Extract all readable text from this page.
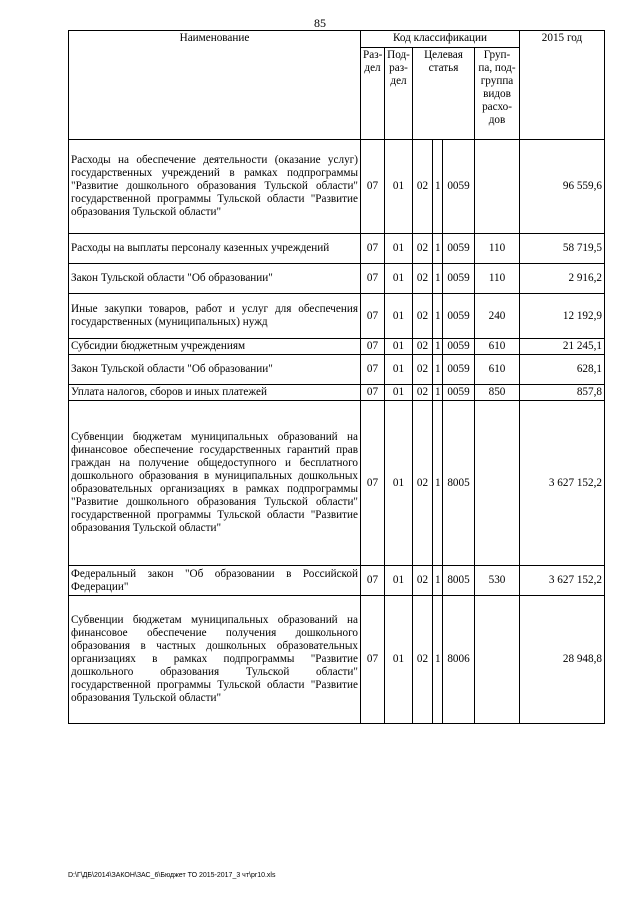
85
Наименование	Код классификации						2015 год
	Раз-дел	Под-раз-дел	Целевая статья			Груп-па, под-группа видов расхо-дов	
Расходы на обеспечение деятельности (оказание услуг) государственных учреждений в рамках подпрограммы "Развитие дошкольного образования Тульской области" государственной программы Тульской области "Развитие образования Тульской области"	07	01	02	1	0059		96 559,6
Расходы на выплаты персоналу казенных учреждений	07	01	02	1	0059	110	58 719,5
Закон Тульской области "Об образовании"	07	01	02	1	0059	110	2 916,2
Иные закупки товаров, работ и услуг для обеспечения государственных (муниципальных) нужд	07	01	02	1	0059	240	12 192,9
Субсидии бюджетным учреждениям	07	01	02	1	0059	610	21 245,1
Закон Тульской области "Об образовании"	07	01	02	1	0059	610	628,1
Уплата налогов, сборов и иных платежей	07	01	02	1	0059	850	857,8
Субвенции бюджетам муниципальных образований на финансовое обеспечение государственных гарантий прав граждан на получение общедоступного и бесплатного дошкольного образования в муниципальных дошкольных образовательных организациях в рамках подпрограммы "Развитие дошкольного образования Тульской области" государственной программы Тульской области "Развитие образования Тульской области"	07	01	02	1	8005		3 627 152,2
Федеральный закон "Об образовании в Российской Федерации"	07	01	02	1	8005	530	3 627 152,2
Субвенции бюджетам муниципальных образований на финансовое обеспечение получения дошкольного образования в частных дошкольных образовательных организациях в рамках подпрограммы "Развитие дошкольного образования Тульской области" государственной программы Тульской области "Развитие образования Тульской области"	07	01	02	1	8006		28 948,8
D:\Г\ДБ\2014\ЗАКОН\ЗАС_6\Бюджет ТО 2015-2017_3 чт\pr10.xls
